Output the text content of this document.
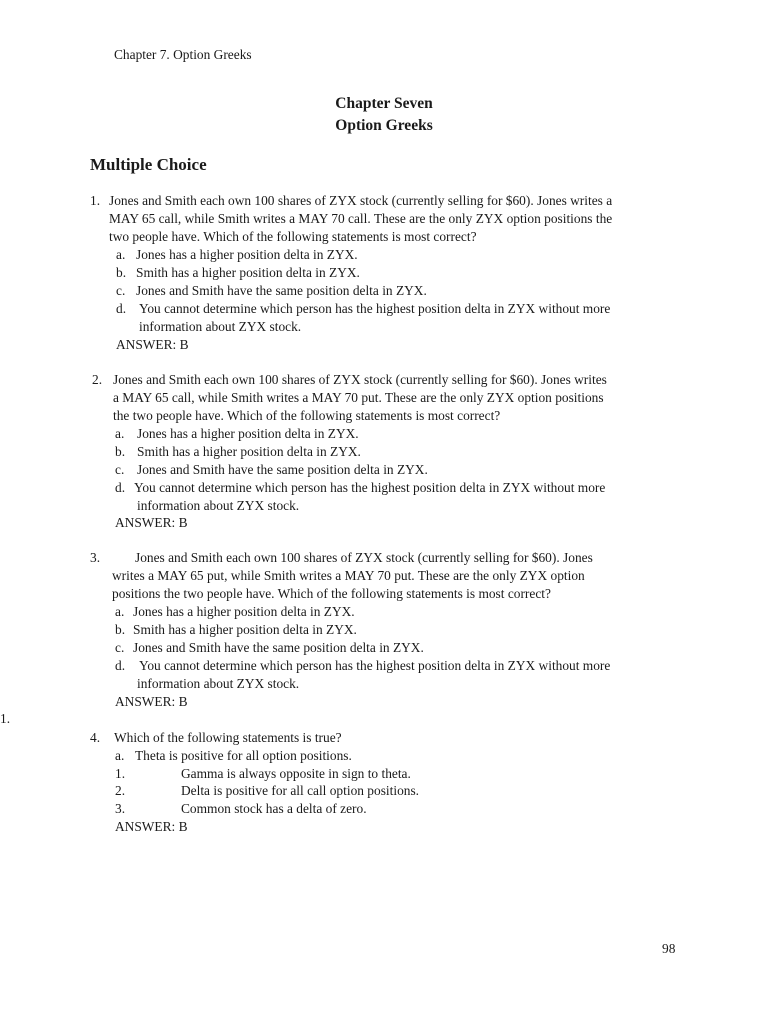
Chapter 7. Option Greeks
Chapter Seven
Option Greeks
Multiple Choice
1. Jones and Smith each own 100 shares of ZYX stock (currently selling for $60). Jones writes a
MAY 65 call, while Smith writes a MAY 70 call. These are the only ZYX option positions the
two people have. Which of the following statements is most correct?
a. Jones has a higher position delta in ZYX.
b. Smith has a higher position delta in ZYX.
c. Jones and Smith have the same position delta in ZYX.
d. You cannot determine which person has the highest position delta in ZYX without more
information about ZYX stock.
ANSWER: B
2. Jones and Smith each own 100 shares of ZYX stock (currently selling for $60). Jones writes
a MAY 65 call, while Smith writes a MAY 70 put. These are the only ZYX option positions
the two people have. Which of the following statements is most correct?
a. Jones has a higher position delta in ZYX.
b. Smith has a higher position delta in ZYX.
c. Jones and Smith have the same position delta in ZYX.
d. You cannot determine which person has the highest position delta in ZYX without more
information about ZYX stock.
ANSWER: B
3.	Jones and Smith each own 100 shares of ZYX stock (currently selling for $60). Jones
writes a MAY 65 put, while Smith writes a MAY 70 put. These are the only ZYX option
positions the two people have. Which of the following statements is most correct?
a. Jones has a higher position delta in ZYX.
b. Smith has a higher position delta in ZYX.
c. Jones and Smith have the same position delta in ZYX.
d. You cannot determine which person has the highest position delta in ZYX without more
information about ZYX stock.
ANSWER: B
1.
4. Which of the following statements is true?
a. Theta is positive for all option positions.
1.	Gamma is always opposite in sign to theta.
2.	Delta is positive for all call option positions.
3.	Common stock has a delta of zero.
ANSWER: B
98
